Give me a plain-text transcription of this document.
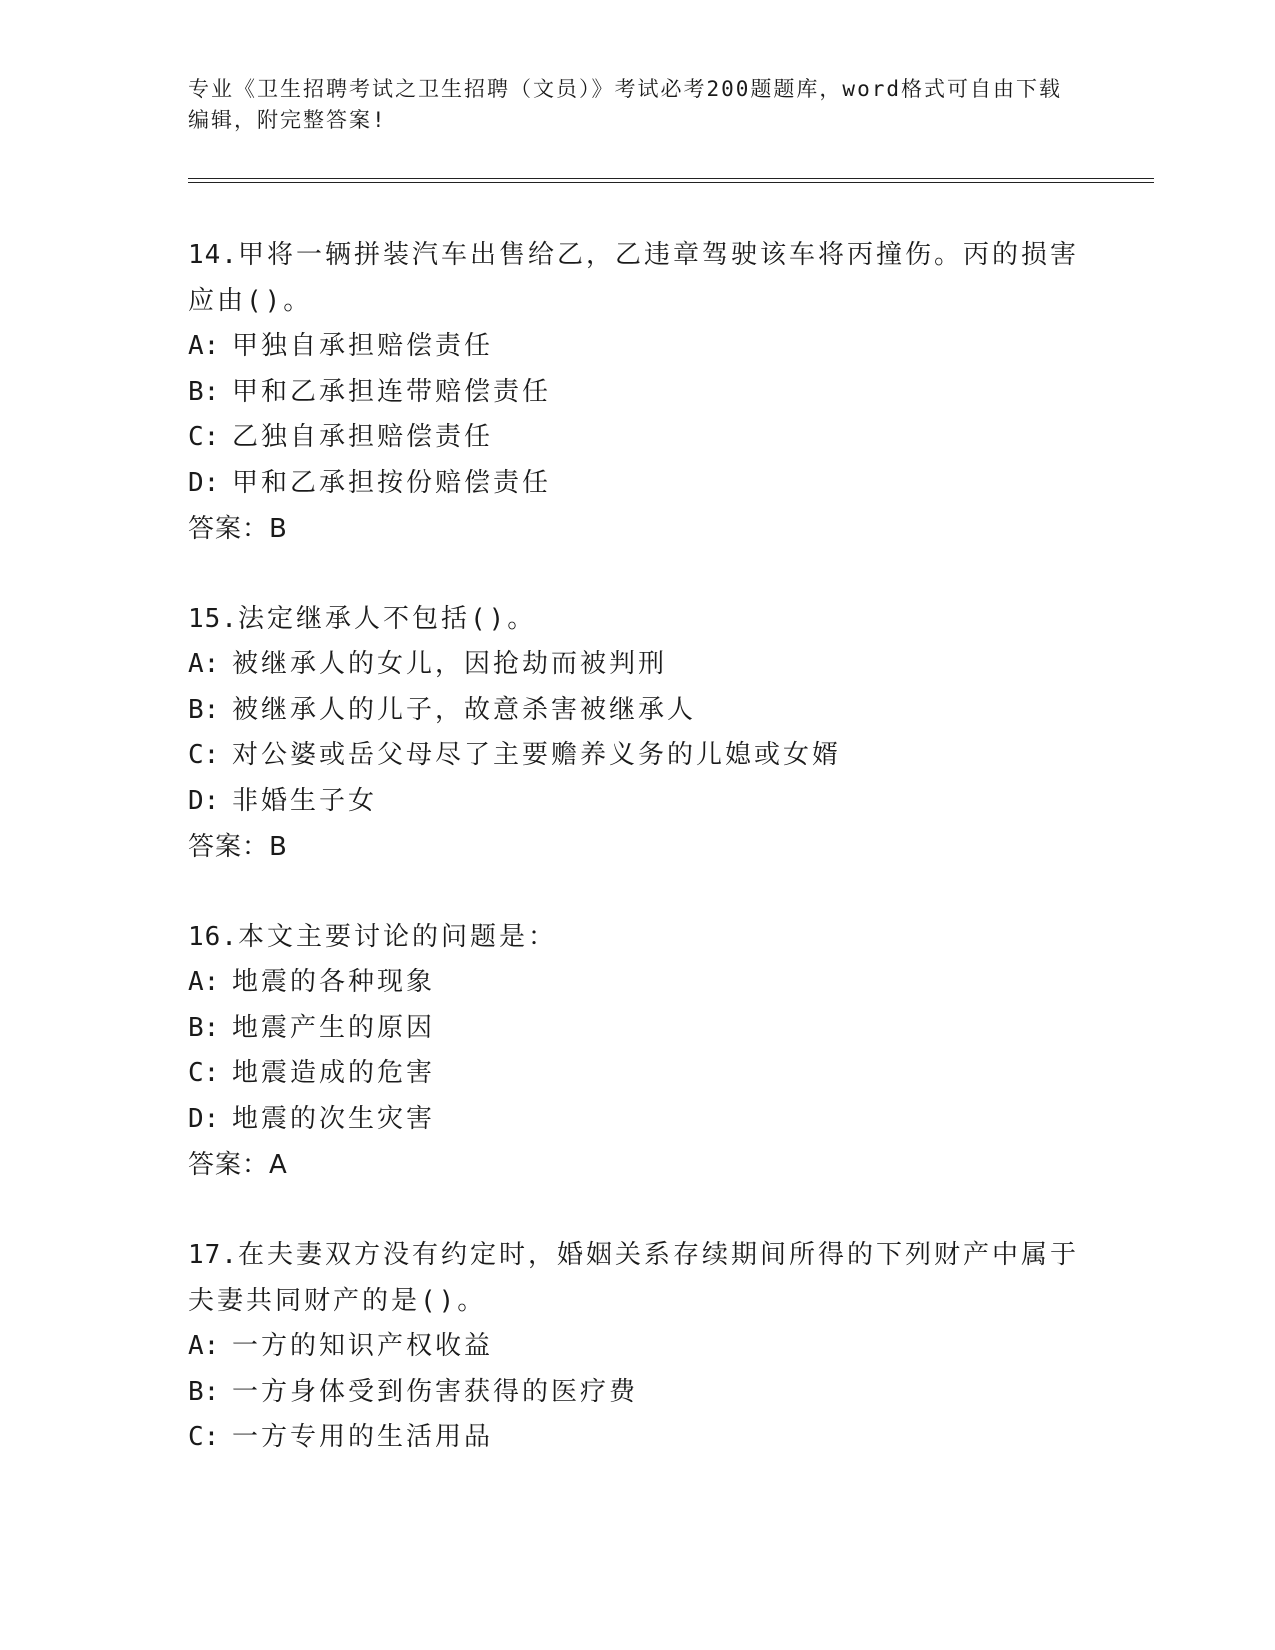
专业《卫生招聘考试之卫生招聘（文员）》考试必考200题题库，word格式可自由下载编辑，附完整答案!

14.甲将一辆拼装汽车出售给乙，乙违章驾驶该车将丙撞伤。丙的损害应由()。

A: 甲独自承担赔偿责任
B: 甲和乙承担连带赔偿责任
C: 乙独自承担赔偿责任
D: 甲和乙承担按份赔偿责任
答案：B

15.法定继承人不包括()。

A: 被继承人的女儿，因抢劫而被判刑
B: 被继承人的儿子，故意杀害被继承人
C: 对公婆或岳父母尽了主要赡养义务的儿媳或女婿
D: 非婚生子女
答案：B

16.本文主要讨论的问题是：

A: 地震的各种现象
B: 地震产生的原因
C: 地震造成的危害
D: 地震的次生灾害
答案：A

17.在夫妻双方没有约定时，婚姻关系存续期间所得的下列财产中属于夫妻共同财产的是()。

A: 一方的知识产权收益
B: 一方身体受到伤害获得的医疗费
C: 一方专用的生活用品
